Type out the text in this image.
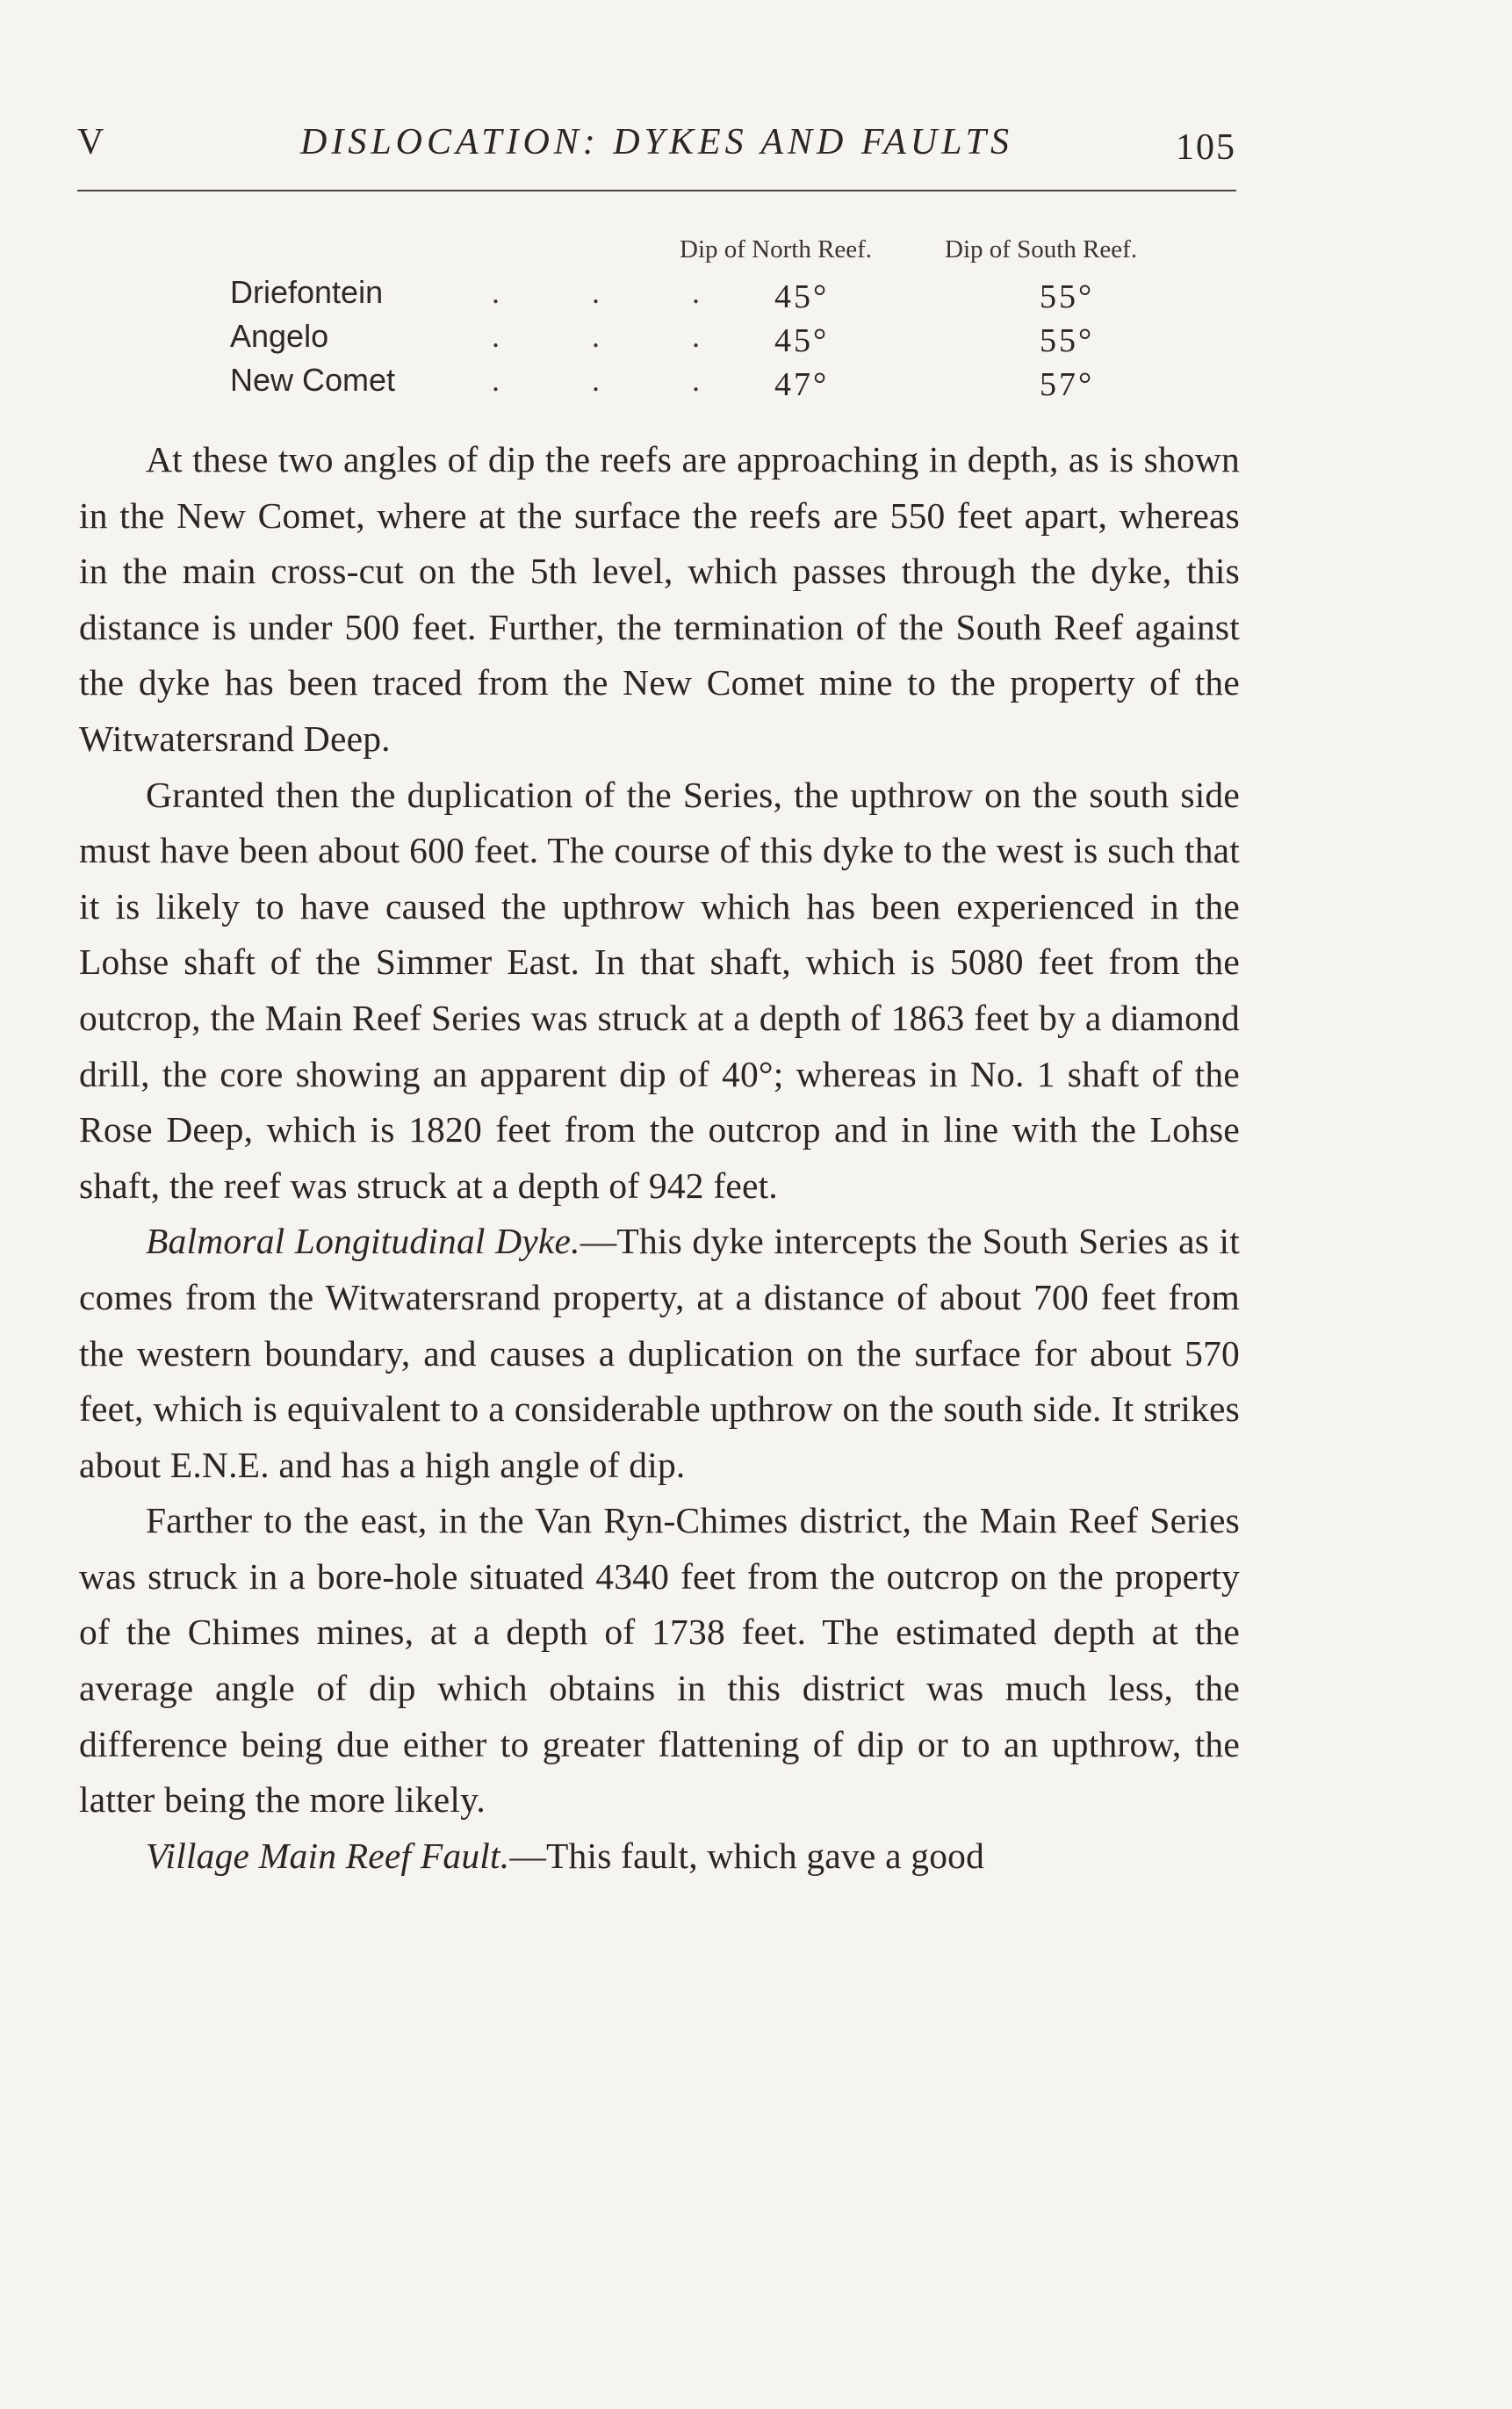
V	DISLOCATION: DYKES AND FAULTS	105
Dip of North Reef.	Dip of South Reef.
Driefontein	. . . 45°	55°
Angelo	. . . 45°	55°
New Comet	. . . 47°	57°

At these two angles of dip the reefs are approaching in depth, as is shown in the New Comet, where at the surface the reefs are 550 feet apart, whereas in the main cross-cut on the 5th level, which passes through the dyke, this distance is under 500 feet. Further, the termination of the South Reef against the dyke has been traced from the New Comet mine to the property of the Witwatersrand Deep.

Granted then the duplication of the Series, the upthrow on the south side must have been about 600 feet. The course of this dyke to the west is such that it is likely to have caused the upthrow which has been experienced in the Lohse shaft of the Simmer East. In that shaft, which is 5080 feet from the outcrop, the Main Reef Series was struck at a depth of 1863 feet by a diamond drill, the core showing an apparent dip of 40°; whereas in No. 1 shaft of the Rose Deep, which is 1820 feet from the outcrop and in line with the Lohse shaft, the reef was struck at a depth of 942 feet.

Balmoral Longitudinal Dyke.—This dyke intercepts the South Series as it comes from the Witwatersrand property, at a distance of about 700 feet from the western boundary, and causes a duplication on the surface for about 570 feet, which is equivalent to a considerable upthrow on the south side. It strikes about E.N.E. and has a high angle of dip.

Farther to the east, in the Van Ryn-Chimes district, the Main Reef Series was struck in a bore-hole situated 4340 feet from the outcrop on the property of the Chimes mines, at a depth of 1738 feet. The estimated depth at the average angle of dip which obtains in this district was much less, the difference being due either to greater flattening of dip or to an upthrow, the latter being the more likely.

Village Main Reef Fault.—This fault, which gave a good
